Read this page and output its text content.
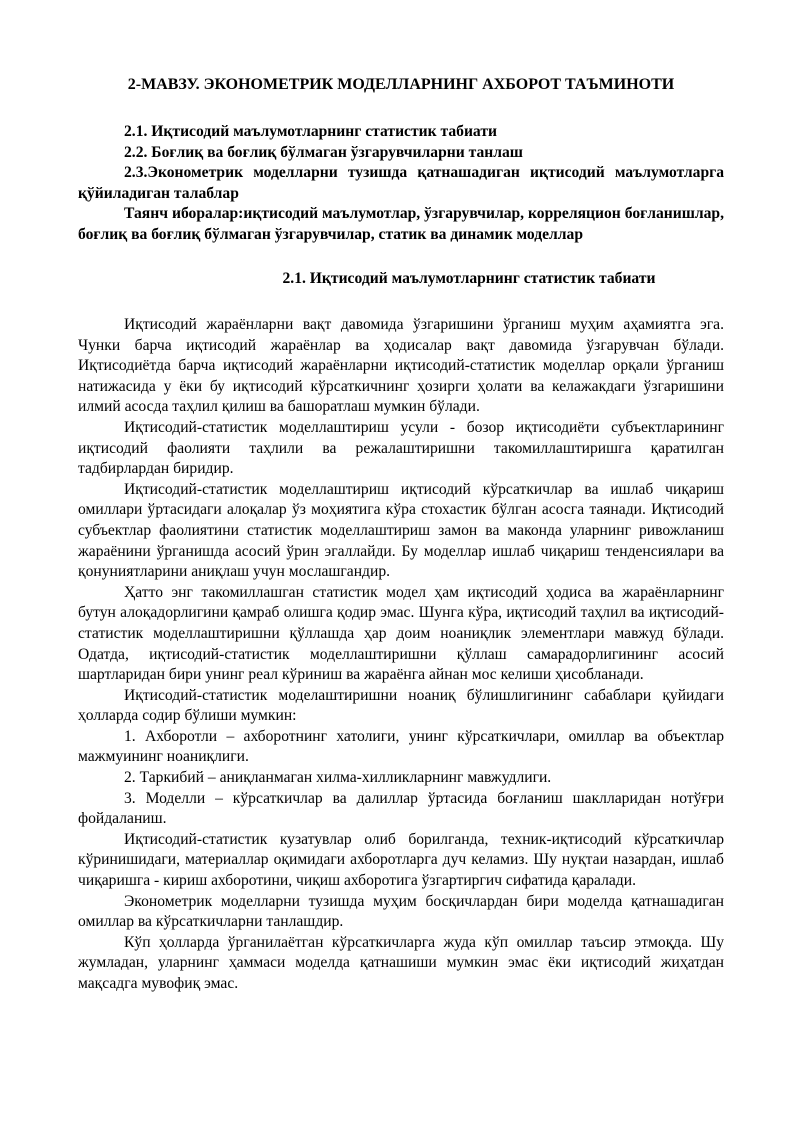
2-МАВЗУ. ЭКОНОМЕТРИК МОДЕЛЛАРНИНГ АХБОРОТ ТАЪМИНОТИ

2.1. Иқтисодий маълумотларнинг статистик табиати

2.2. Боғлиқ ва боғлиқ бўлмаган ўзгарувчиларни танлаш

2.3.Эконометрик моделларни тузишда қатнашадиган иқтисодий маълумотларга қўйиладиган талаблар

Таянч иборалар:иқтисодий маълумотлар, ўзгарувчилар, корреляцион боғланишлар, боғлиқ ва боғлиқ бўлмаган ўзгарувчилар, статик ва динамик моделлар

2.1. Иқтисодий маълумотларнинг статистик табиати

Иқтисодий жараёнларни вақт давомида ўзгаришини ўрганиш муҳим аҳамиятга эга. Чунки барча иқтисодий жараёнлар ва ҳодисалар вақт давомида ўзгарувчан бўлади. Иқтисодиётда барча иқтисодий жараёнларни иқтисодий-статистик моделлар орқали ўрганиш натижасида у ёки бу иқтисодий кўрсаткичнинг ҳозирги ҳолати ва келажакдаги ўзгаришини илмий асосда таҳлил қилиш ва башоратлаш мумкин бўлади.

Иқтисодий-статистик моделлаштириш усули - бозор иқтисодиёти субъектларининг иқтисодий фаолияти таҳлили ва режалаштиришни такомиллаштиришга қаратилган тадбирлардан биридир.

Иқтисодий-статистик моделлаштириш иқтисодий кўрсаткичлар ва ишлаб чиқариш омиллари ўртасидаги алоқалар ўз моҳиятига кўра стохастик бўлган асосга таянади. Иқтисодий субъектлар фаолиятини статистик моделлаштириш замон ва маконда уларнинг ривожланиш жараёнини ўрганишда асосий ўрин эгаллайди. Бу моделлар ишлаб чиқариш тенденсиялари ва қонуниятларини аниқлаш учун мослашгандир.

Ҳатто энг такомиллашган статистик модел ҳам иқтисодий ҳодиса ва жараёнларнинг бутун алоқадорлигини қамраб олишга қодир эмас. Шунга кўра, иқтисодий таҳлил ва иқтисодий-статистик моделлаштиришни қўллашда ҳар доим ноаниқлик элементлари мавжуд бўлади. Одатда, иқтисодий-статистик моделлаштиришни қўллаш самарадорлигининг асосий шартларидан бири унинг реал кўриниш ва жараёнга айнан мос келиши ҳисобланади.

Иқтисодий-статистик моделаштиришни ноаниқ бўлишлигининг сабаблари қуйидаги ҳолларда содир бўлиши мумкин:

1. Ахборотли – ахборотнинг хатолиги, унинг кўрсаткичлари, омиллар ва объектлар мажмуининг ноаниқлиги.

2. Таркибий – аниқланмаган хилма-хилликларнинг мавжудлиги.

3. Моделли – кўрсаткичлар ва далиллар ўртасида боғланиш шаклларидан нотўғри фойдаланиш.

Иқтисодий-статистик кузатувлар олиб борилганда, техник-иқтисодий кўрсаткичлар кўринишидаги, материаллар оқимидаги ахборотларга дуч келамиз. Шу нуқтаи назардан, ишлаб чиқаришга - кириш ахборотини, чиқиш ахборотига ўзгартиргич сифатида қаралади.

Эконометрик моделларни тузишда муҳим босқичлардан бири моделда қатнашадиган омиллар ва кўрсаткичларни танлашдир.

Кўп ҳолларда ўрганилаётган кўрсаткичларга жуда кўп омиллар таъсир этмоқда. Шу жумладан, уларнинг ҳаммаси моделда қатнашиши мумкин эмас ёки иқтисодий жиҳатдан мақсадга мувофиқ эмас.
